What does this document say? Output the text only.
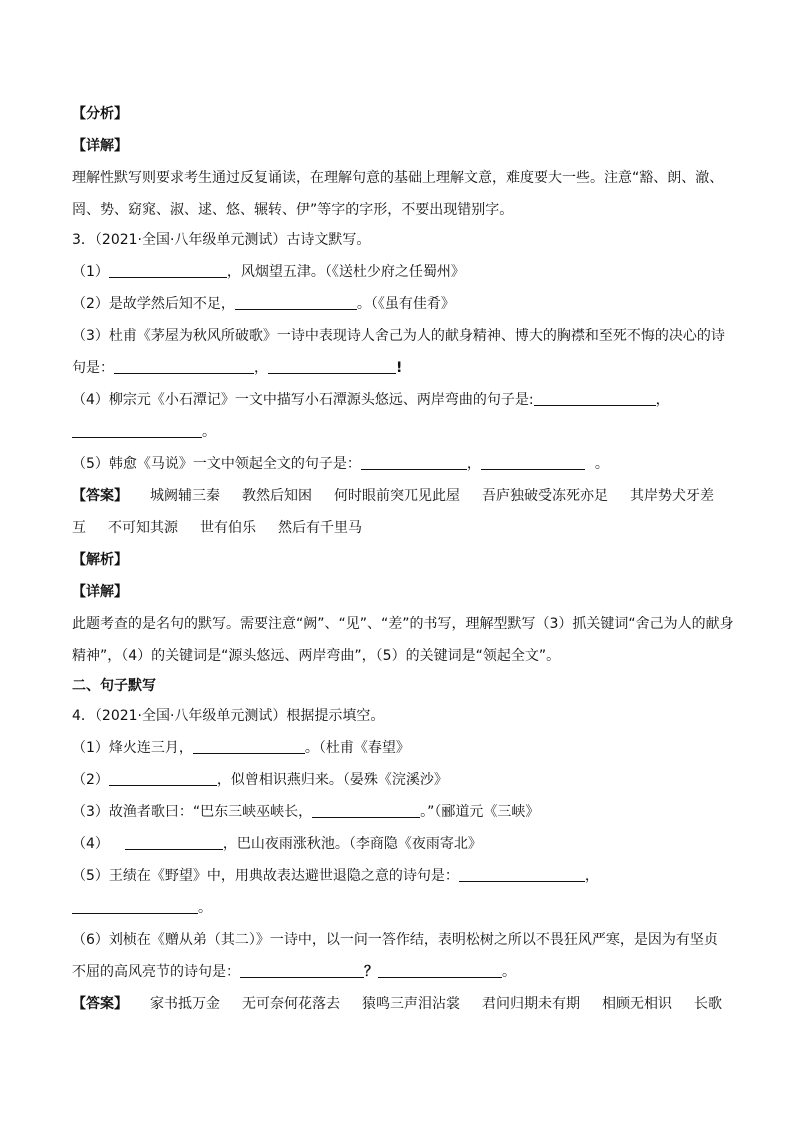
【分析】
【详解】
理解性默写则要求考生通过反复诵读，在理解句意的基础上理解文意，难度要大一些。注意“豁、朗、澈、
罔、势、窈窕、淑、逑、悠、辗转、伊”等字的字形，不要出现错别字。
3．（2021·全国·八年级单元测试）古诗文默写。
（1）	，风烟望五津。（《送杜少府之任蜀州》
（2）是故学然后知不足，	。（《虽有佳肴》
（3）杜甫《茅屋为秋风所破歌》一诗中表现诗人舍己为人的献身精神、博大的胸襟和至死不悔的决心的诗
句是：	，	!
（4）柳宗元《小石潭记》一文中描写小石潭源头悠远、两岸弯曲的句子是:	，
。
（5）韩愈《马说》一文中领起全文的句子是：	，	。
【答案】 城阙辅三秦 教然后知困 何时眼前突兀见此屋 吾庐独破受冻死亦足 其岸势犬牙差
互 不可知其源 世有伯乐 然后有千里马
【解析】
【详解】
此题考查的是名句的默写。需要注意“阙”、“见”、“差”的书写，理解型默写（3）抓关键词“舍己为人的献身
精神”，（4）的关键词是“源头悠远、两岸弯曲”，（5）的关键词是“领起全文”。
二、句子默写
4．（2021·全国·八年级单元测试）根据提示填空。
（1）烽火连三月，	。（杜甫《春望》
（2）	，似曾相识燕归来。（晏殊《浣溪沙》
（3）故渔者歌曰：“巴东三峡巫峡长，	。”（郦道元《三峡》
（4）	，巴山夜雨涨秋池。（李商隐《夜雨寄北》
（5）王绩在《野望》中，用典故表达避世退隐之意的诗句是：	，
。
（6）刘桢在《赠从弟（其二）》一诗中，以一问一答作结，表明松树之所以不畏狂风严寒，是因为有坚贞
不屈的高风亮节的诗句是：	？	。
【答案】 家书抵万金 无可奈何花落去 猿鸣三声泪沾裳 君问归期未有期 相顾无相识 长歌
